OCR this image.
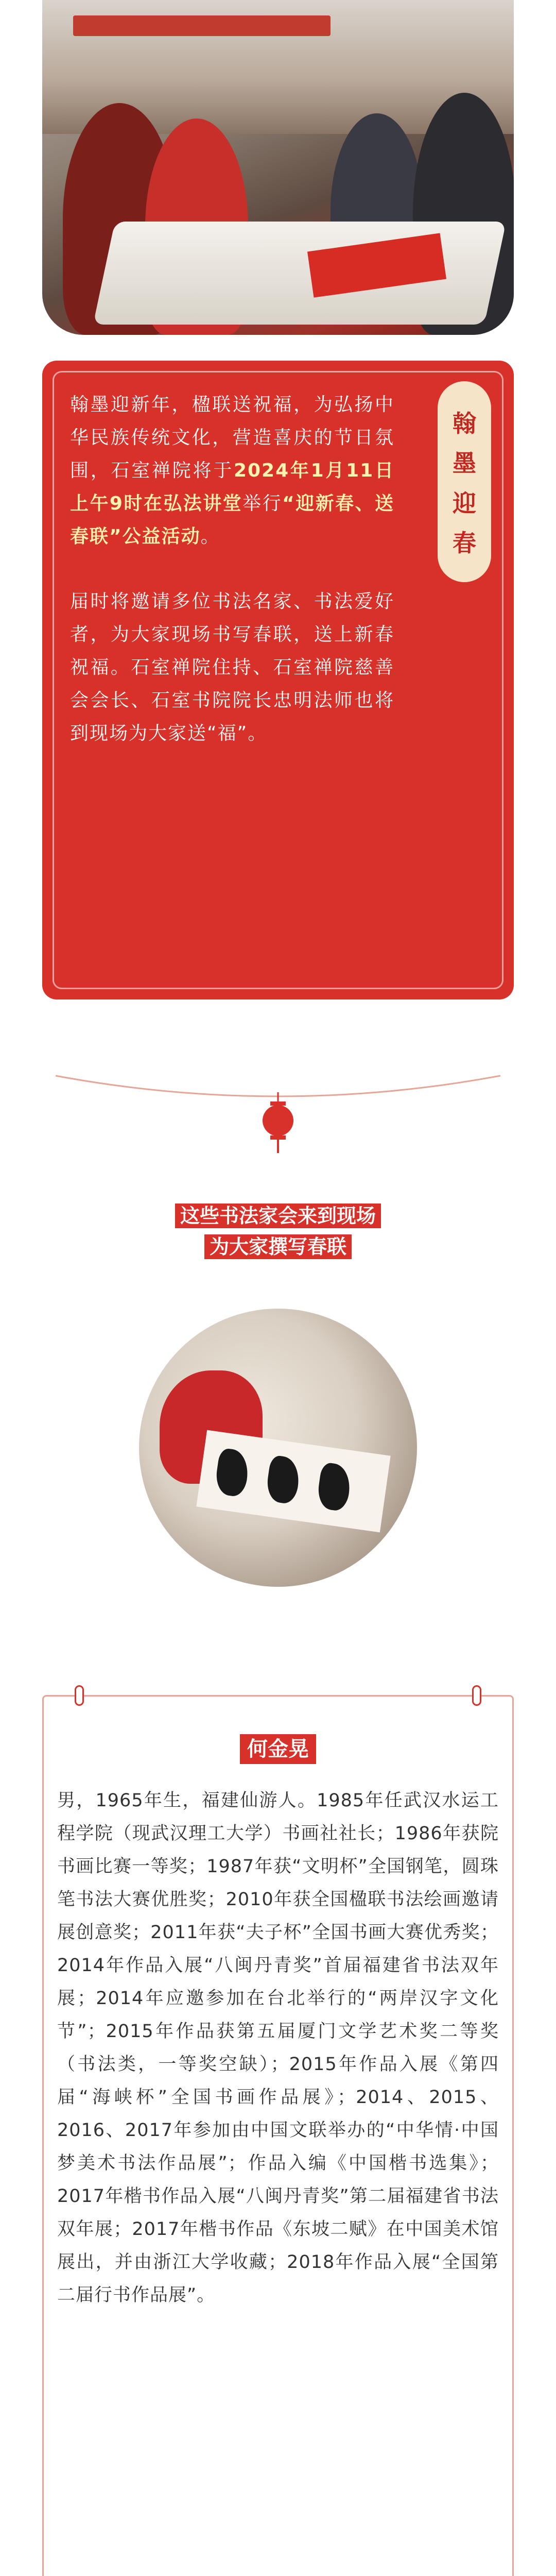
翰墨迎新年，楹联送祝福，为弘扬中华民族传统文化，营造喜庆的节日氛围，石室禅院将于2024年1月11日上午9时在弘法讲堂举行“迎新春、送春联”公益活动。

届时将邀请多位书法名家、书法爱好者，为大家现场书写春联，送上新春祝福。石室禅院住持、石室禅院慈善会会长、石室书院院长忠明法师也将到现场为大家送“福”。

翰
墨
迎
春
这些书法家会来到现场
为大家撰写春联
何金晃
男，1965年生，福建仙游人。1985年任武汉水运工程学院（现武汉理工大学）书画社社长；1986年获院书画比赛一等奖；1987年获“文明杯”全国钢笔，圆珠笔书法大赛优胜奖；2010年获全国楹联书法绘画邀请展创意奖；2011年获“夫子杯”全国书画大赛优秀奖；2014年作品入展“八闽丹青奖”首届福建省书法双年展；2014年应邀参加在台北举行的“两岸汉字文化节”；2015年作品获第五届厦门文学艺术奖二等奖（书法类，一等奖空缺）；2015年作品入展《第四届“海峡杯”全国书画作品展》；2014、2015、2016、2017年参加由中国文联举办的“中华情·中国梦美术书法作品展”；作品入编《中国楷书选集》；2017年楷书作品入展“八闽丹青奖”第二届福建省书法双年展；2017年楷书作品《东坡二赋》在中国美术馆展出，并由浙江大学收藏；2018年作品入展“全国第二届行书作品展”。
